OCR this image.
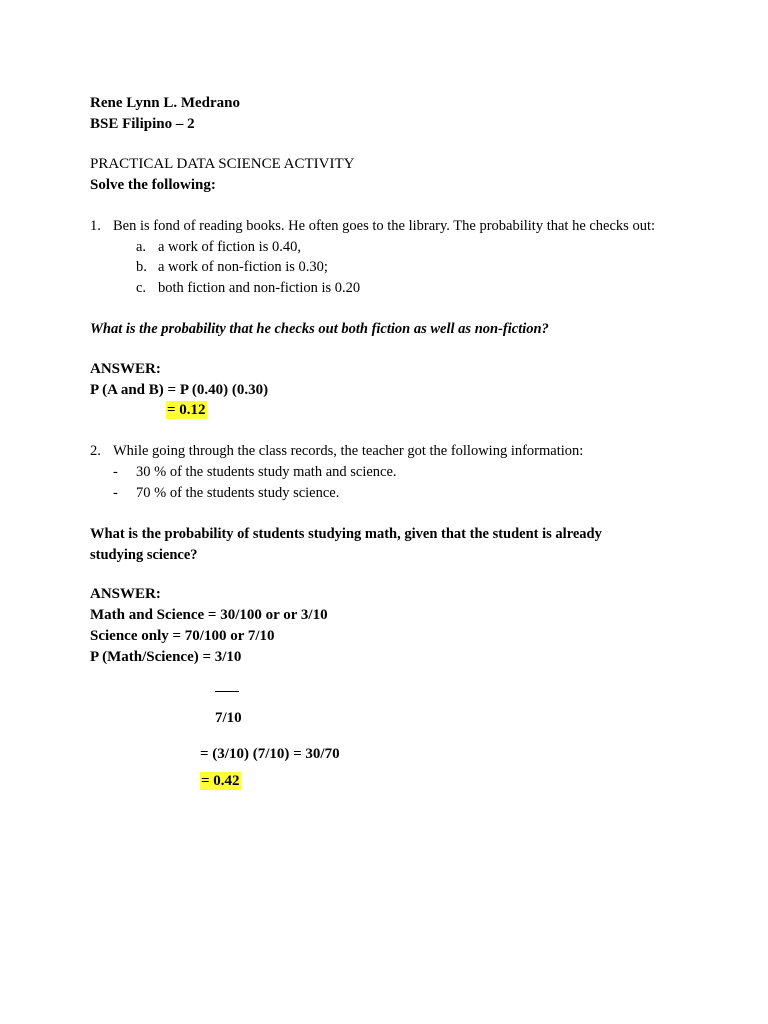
Rene Lynn L. Medrano
BSE Filipino – 2
PRACTICAL DATA SCIENCE ACTIVITY
Solve the following:
1. Ben is fond of reading books. He often goes to the library. The probability that he checks out:
a. a work of fiction is 0.40,
b. a work of non-fiction is 0.30;
c. both fiction and non-fiction is 0.20
What is the probability that he checks out both fiction as well as non-fiction?
ANSWER:
P (A and B) = P (0.40) (0.30)
= 0.12
2. While going through the class records, the teacher got the following information:
- 30 % of the students study math and science.
- 70 % of the students study science.
What is the probability of students studying math, given that the student is already
studying science?
ANSWER:
Math and Science = 30/100 or or 3/10
Science only = 70/100 or 7/10
P (Math/Science) = 3/10
7/10
= (3/10) (7/10) = 30/70
= 0.42
